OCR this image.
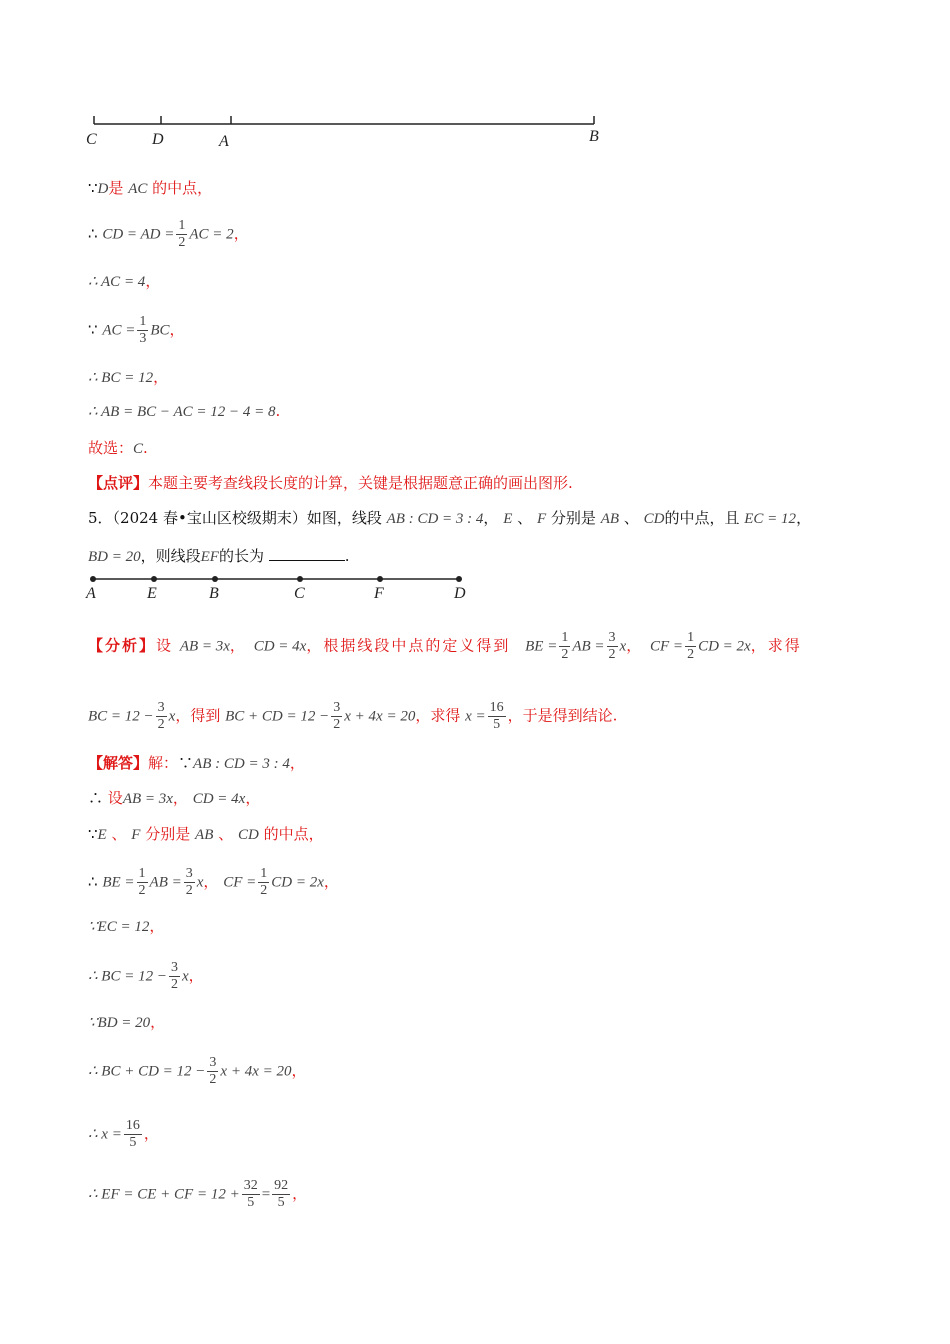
C	D	A	B
∵D是 AC 的中点，
∴ CD = AD = $\frac{1}{2}$ AC = 2，
∴ AC = 4，
∵ AC = $\frac{1}{3}$ BC，
∴ BC = 12，
∴ AB = BC − AC = 12 − 4 = 8.
故选：C.
【点评】本题主要考查线段长度的计算，关键是根据题意正确的画出图形.
5．（2024 春•宝山区校级期末）如图，线段 AB : CD = 3 : 4， E 、 F 分别是 AB 、 CD的中点，且 EC = 12，
BD = 20，则线段EF的长为	.
A	E	B	C	F	D
【分析】设 AB = 3x， CD = 4x，根据线段中点的定义得到 BE = $\frac{1}{2}$ AB = $\frac{3}{2}$ x， CF = $\frac{1}{2}$ CD = 2x，求得
BC = $12 - \frac{3}{2}$ x，得到 BC + CD = $12 - \frac{3}{2}$ x + 4x = 20，求得 $x = \frac{16}{5}$ ，于是得到结论.
【解答】解：∵AB : CD = 3 : 4，
∴ 设AB = 3x， CD = 4x，
∵E 、 F 分别是 AB 、 CD 的中点，
∴ BE = $\frac{1}{2}$ AB = $\frac{3}{2}$ x， CF = $\frac{1}{2}$ CD = 2x，
∵EC = 12，
∴ BC = $12 - \frac{3}{2}$ x，
∵BD = 20，
∴ BC + CD = $12 - \frac{3}{2}$ x + 4x = 20，
∴ $x = \frac{16}{5}$ ，
∴ EF = CE + CF = $12 + \frac{32}{5} = \frac{92}{5}$ ，
